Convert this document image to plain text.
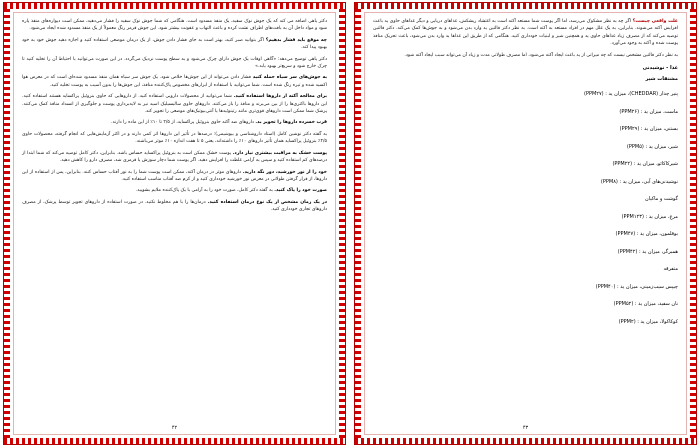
دکتر یاهی اضافه می کند که یک جوش نوک سفید، یک منفذ مسدود است. هنگامی که شما جوش نوک سفید را فشار می‌دهید، ممکن است دیواره‌های منفذ پاره شود و مواد داخل آن به بافت‌های اطراف نشت کرده و باعث التهاب و عفونت بیشتر شود. این جوش قرمز رنگ معمولاً از یک منفذ مسدود شده ایجاد می‌شود.

چه موقع باید فشار بدهیم؟ اگر بتوانید صبر کنید، بهتر است به جای فشار دادن جوش، از یک درمان موضعی استفاده کنید و اجازه دهید جوش خود به خود بهبود پیدا کند.

دکتر یاهی توضیح می‌دهد: «گاهی اوقات یک جوش دارای چرک می‌شود و به سطح پوست نزدیک می‌گردد. در این صورت می‌توانید با احتیاط آن را تخلیه کنید تا چرک خارج شود و سریع‌تر بهبود یابد.»

به جوش‌های سر سیاه حمله کنید فشار دادن می‌تواند از این جوش‌ها خلاص شود. یک جوش سر سیاه همان منفذ مسدود شده‌ای است که در معرض هوا اکسید شده و تیره رنگ شده است. شما می‌توانید با استفاده از ابزارهای مخصوص پاک‌کننده منافذ، این جوش‌ها را بدون آسیب به پوست تخلیه کنید.

برای معالجه آکنه از داروها استفاده کنید. شما می‌توانید از محصولات دارویی استفاده کنید. از داروهایی که حاوی بنزوئیل پراکساید هستند استفاده کنید. این داروها باکتری‌ها را از بین می‌برند و منافذ را باز می‌کنند. داروهای حاوی سالیسیلیک اسید نیز به لایه‌برداری پوست و جلوگیری از انسداد منافذ کمک می‌کنند. پزشک شما ممکن است داروهای قوی‌تری مانند رتینوئیدها یا آنتی‌بیوتیک‌های موضعی را تجویز کند.

قرب خسرده داروها را تجویز بد. داروهای ضد آکنه حاوی بنزوئیل پراکساید، از ۲/۵ تا ۱۰٪ از این ماده را دارند.

به گفته دکتر نوشین کامل (استاد داروشناسی و بیوشیمی): درصدها در تأثیر این داروها اثر کمی دارند و در اکثر آزمایش‌هایی که انجام گرفته، محصولات حاوی ۲/۵٪ بنزوئیل پراکساید همان تأثیر داروهای ۱۰٪ را داشته‌اند، یعنی ۵ تا هفت اندازه ۱۰٪ موثر می‌باشند.

پوست خشک به مراقبت بیشتری نیاز دارد. پوست خشک ممکن است به بنزوئیل پراکساید حساس باشد. بنابراین، دکتر کامل توصیه می‌کند که شما ابتدا از درصدهای کم استفاده کنید و سپس به آرامی غلظت را افزایش دهید. اگر پوست شما دچار سوزش یا قرمزی شد، مصرف دارو را کاهش دهید.

خود را از نور خورشید، دور نگه دارید. داروهای موثر در درمان آکنه، ممکن است پوست شما را به نور آفتاب حساس کنند. بنابراین، پس از استفاده از این داروها، از قرار گرفتن طولانی در معرض نور خورشید خودداری کنید و از کرم ضد آفتاب مناسب استفاده کنید.

صورت خود را پاک کنید. به گفته دکتر کامل، صورت خود را به آرامی با یک پاک‌کننده ملایم بشویید.

در یک زمان مشخص از یک نوع درمان استفاده کنید. درمان‌ها را با هم مخلوط نکنید. در صورت استفاده از داروهای تجویز توسط پزشک، از مصرف داروهای تجاری خودداری کنید.

۴۲

علت واقعی چیست؟ اگر چه به نظر مشکوک می‌رسد، اما اگر پوست شما مستعد آکنه است به اغتشاد ریشکش، غذاهای دریایی و دیگر غذاهای حاوی ید باعث افزایش آکنه می‌شوند. بنابراین، به یک علل مهم در افراد مستعد به آکنه است. به نظر دکتر فالتین ید وارد بدن می‌شود و به جوش‌ها کمک می‌کند. دکتر فالتین توصیه می‌کند که از مصرف زیاد غذاهای حاوی ید و همچنین شیر و لبنیات خودداری کنید. هنگامی که از طریق این غذاها ید وارد بدن می‌شود، باعث تحریک منافذ پوست شده و آکنه به وجود می‌آورد.

به نظر دکتر فالتین مشخص نیست که چه میزانی از ید باعث ایجاد آکنه می‌شود، اما مصرف طولانی مدت و زیاد آن می‌تواند سبب ایجاد آکنه شود.

غذا - نوشیدنی
مشتقات شیر
پنیر چدار (CHEDDAR)، میزان ید : (PPM۲۷)
ماست، میزان ید : (PPM۲۶)
بستنی، میزان ید : (PPM۲۹)
شیر، میزان ید : (PPM۵)
شیرکاکائو، میزان ید : (PPM۲۲)
نوشیدنی‌های آبی، میزان ید : (PPM۸)
گوشت و ماکیان
مرغ، میزان ید : (PPM۱۲۳)
بوقلمون، میزان ید : (PPM۴۷)
همبرگر، میزان ید : (PPM۴۲)
متفرقه
چیپس سیب‌زمینی، میزان ید : (PPM۴۰)
نان سفید، میزان ید : (PPM۵۲)
کوکاکولا، میزان ید : (PPM۲)
۴۳
